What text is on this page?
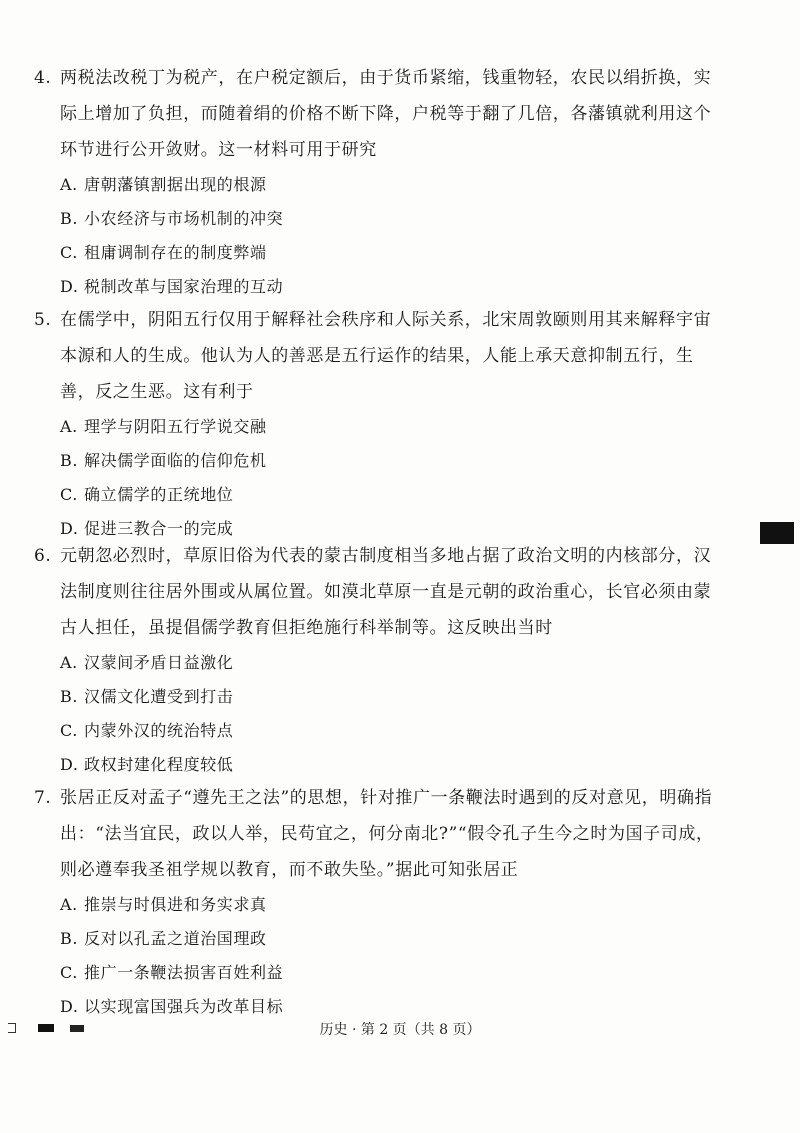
4. 两税法改税丁为税产，在户税定额后，由于货币紧缩，钱重物轻，农民以绢折换，实际上增加了负担，而随着绢的价格不断下降，户税等于翻了几倍，各藩镇就利用这个环节进行公开敛财。这一材料可用于研究

A. 唐朝藩镇割据出现的根源
B. 小农经济与市场机制的冲突
C. 租庸调制存在的制度弊端
D. 税制改革与国家治理的互动

5. 在儒学中，阴阳五行仅用于解释社会秩序和人际关系，北宋周敦颐则用其来解释宇宙本源和人的生成。他认为人的善恶是五行运作的结果，人能上承天意抑制五行，生善，反之生恶。这有利于

A. 理学与阴阳五行学说交融
B. 解决儒学面临的信仰危机
C. 确立儒学的正统地位
D. 促进三教合一的完成

6. 元朝忽必烈时，草原旧俗为代表的蒙古制度相当多地占据了政治文明的内核部分，汉法制度则往往居外围或从属位置。如漠北草原一直是元朝的政治重心，长官必须由蒙古人担任，虽提倡儒学教育但拒绝施行科举制等。这反映出当时

A. 汉蒙间矛盾日益激化
B. 汉儒文化遭受到打击
C. 内蒙外汉的统治特点
D. 政权封建化程度较低

7. 张居正反对孟子“遵先王之法”的思想，针对推广一条鞭法时遇到的反对意见，明确指出：“法当宜民，政以人举，民苟宜之，何分南北?”“假令孔子生今之时为国子司成，则必遵奉我圣祖学规以教育，而不敢失坠。”据此可知张居正

A. 推崇与时俱进和务实求真
B. 反对以孔孟之道治国理政
C. 推广一条鞭法损害百姓利益
D. 以实现富国强兵为改革目标
历史 · 第 2 页（共 8 页）
